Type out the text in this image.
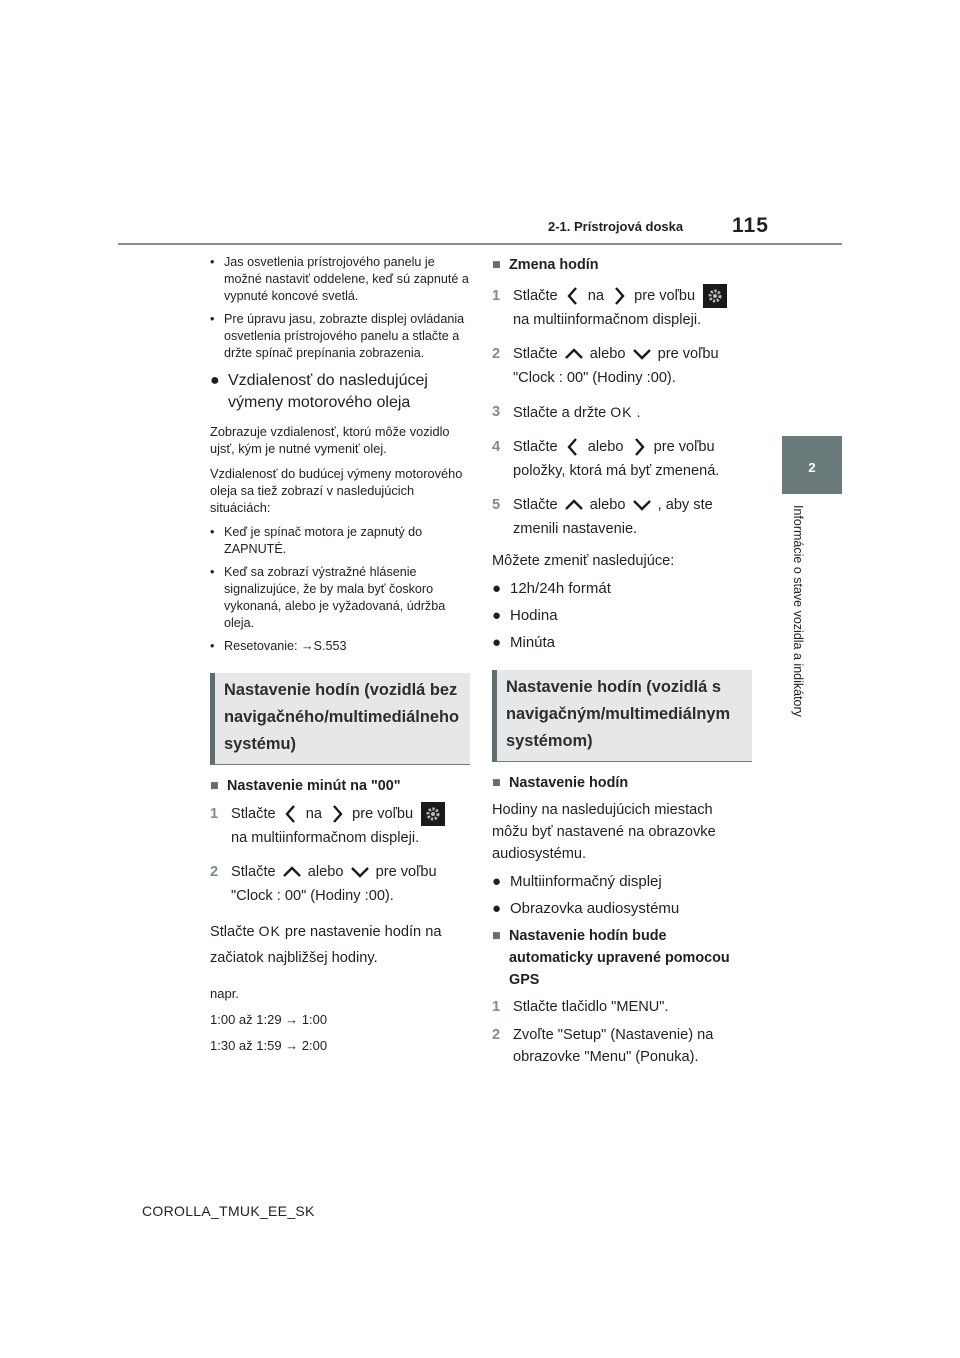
2-1. Prístrojová doska 115
2
Informácie o stave vozidla a indikátory
• Jas osvetlenia prístrojového panelu je možné nastaviť oddelene, keď sú zapnuté a vypnuté koncové svetlá.
• Pre úpravu jasu, zobrazte displej ovládania osvetlenia prístrojového panelu a stlačte a držte spínač prepínania zobrazenia.
● Vzdialenosť do nasledujúcej výmeny motorového oleja
Zobrazuje vzdialenosť, ktorú môže vozidlo ujsť, kým je nutné vymeniť olej.
Vzdialenosť do budúcej výmeny motorového oleja sa tiež zobrazí v nasledujúcich situáciách:
• Keď je spínač motora je zapnutý do ZAPNUTÉ.
• Keď sa zobrazí výstražné hlásenie signalizujúce, že by mala byť čoskoro vykonaná, alebo je vyžadovaná, údržba oleja.
• Resetovanie: →S.553
Nastavenie hodín (vozidlá bez navigačného/multimediálneho systému)
■ Nastavenie minút na "00"
1 Stlačte na pre voľbu
na multiinformačnom displeji.
2 Stlačte alebo pre voľbu
"Clock : 00" (Hodiny :00).
Stlačte OK pre nastavenie hodín na
začiatok najbližšej hodiny.
napr.
1:00 až 1:29 → 1:00
1:30 až 1:59 → 2:00
■ Zmena hodín
1 Stlačte na pre voľbu
na multiinformačnom displeji.
2 Stlačte alebo pre voľbu
"Clock : 00" (Hodiny :00).
3 Stlačte a držte OK .
4 Stlačte alebo pre voľbu
položky, ktorá má byť zmenená.
5 Stlačte alebo , aby ste
zmenili nastavenie.
Môžete zmeniť nasledujúce:
● 12h/24h formát
● Hodina
● Minúta
Nastavenie hodín (vozidlá s navigačným/multimediálnym systémom)
■ Nastavenie hodín
Hodiny na nasledujúcich miestach môžu byť nastavené na obrazovke audiosystému.
● Multiinformačný displej
● Obrazovka audiosystému
■ Nastavenie hodín bude automaticky upravené pomocou GPS
1 Stlačte tlačidlo "MENU".
2 Zvoľte "Setup" (Nastavenie) na obrazovke "Menu" (Ponuka).
COROLLA_TMUK_EE_SK
